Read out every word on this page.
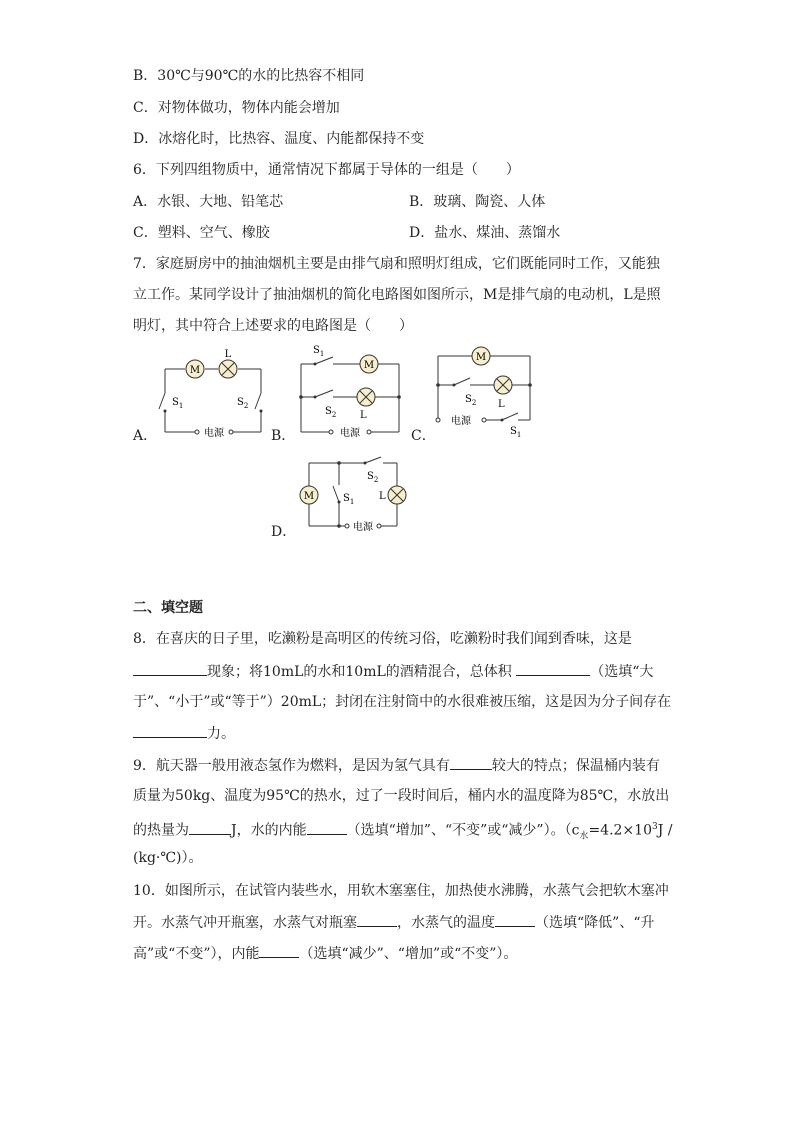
B．30℃与90℃的水的比热容不相同
C．对物体做功，物体内能会增加
D．冰熔化时，比热容、温度、内能都保持不变
6．下列四组物质中，通常情况下都属于导体的一组是（　　）
A．水银、大地、铅笔芯	B．玻璃、陶瓷、人体
C．塑料、空气、橡胶	D．盐水、煤油、蒸馏水
7．家庭厨房中的抽油烟机主要是由排气扇和照明灯组成，它们既能同时工作，又能独
立工作。某同学设计了抽油烟机的简化电路图如图所示，M是排气扇的电动机，L是照
明灯，其中符合上述要求的电路图是（　　）
A．	B．	C．
D．
M
L
$S_1$	$S_2$
电源
$S_1$
M
$S_2$ L
电源
M
$S_2$ L
电源
$S_1$
$S_2$
M	$S_1$ L
电源
二、填空题
8．在喜庆的日子里，吃濑粉是高明区的传统习俗，吃濑粉时我们闻到香味，这是
现象；将10mL的水和10mL的酒精混合，总体积	（选填“大
于”、“小于”或“等于”）20mL；封闭在注射筒中的水很难被压缩，这是因为分子间存在
力。
9．航天器一般用液态氢作为燃料，是因为氢气具有	较大的特点；保温桶内装有
质量为50kg、温度为95℃的热水，过了一段时间后，桶内水的温度降为85℃，水放出
的热量为	J，水的内能	（选填“增加”、“不变”或“减少”）。（$c_水=4.2\times 10^3J$ /
(kg·℃)）。
10．如图所示，在试管内装些水，用软木塞塞住，加热使水沸腾，水蒸气会把软木塞冲
开。水蒸气冲开瓶塞，水蒸气对瓶塞	，水蒸气的温度	（选填“降低”、“升
高”或“不变”），内能	（选填“减少”、“增加”或“不变”）。
